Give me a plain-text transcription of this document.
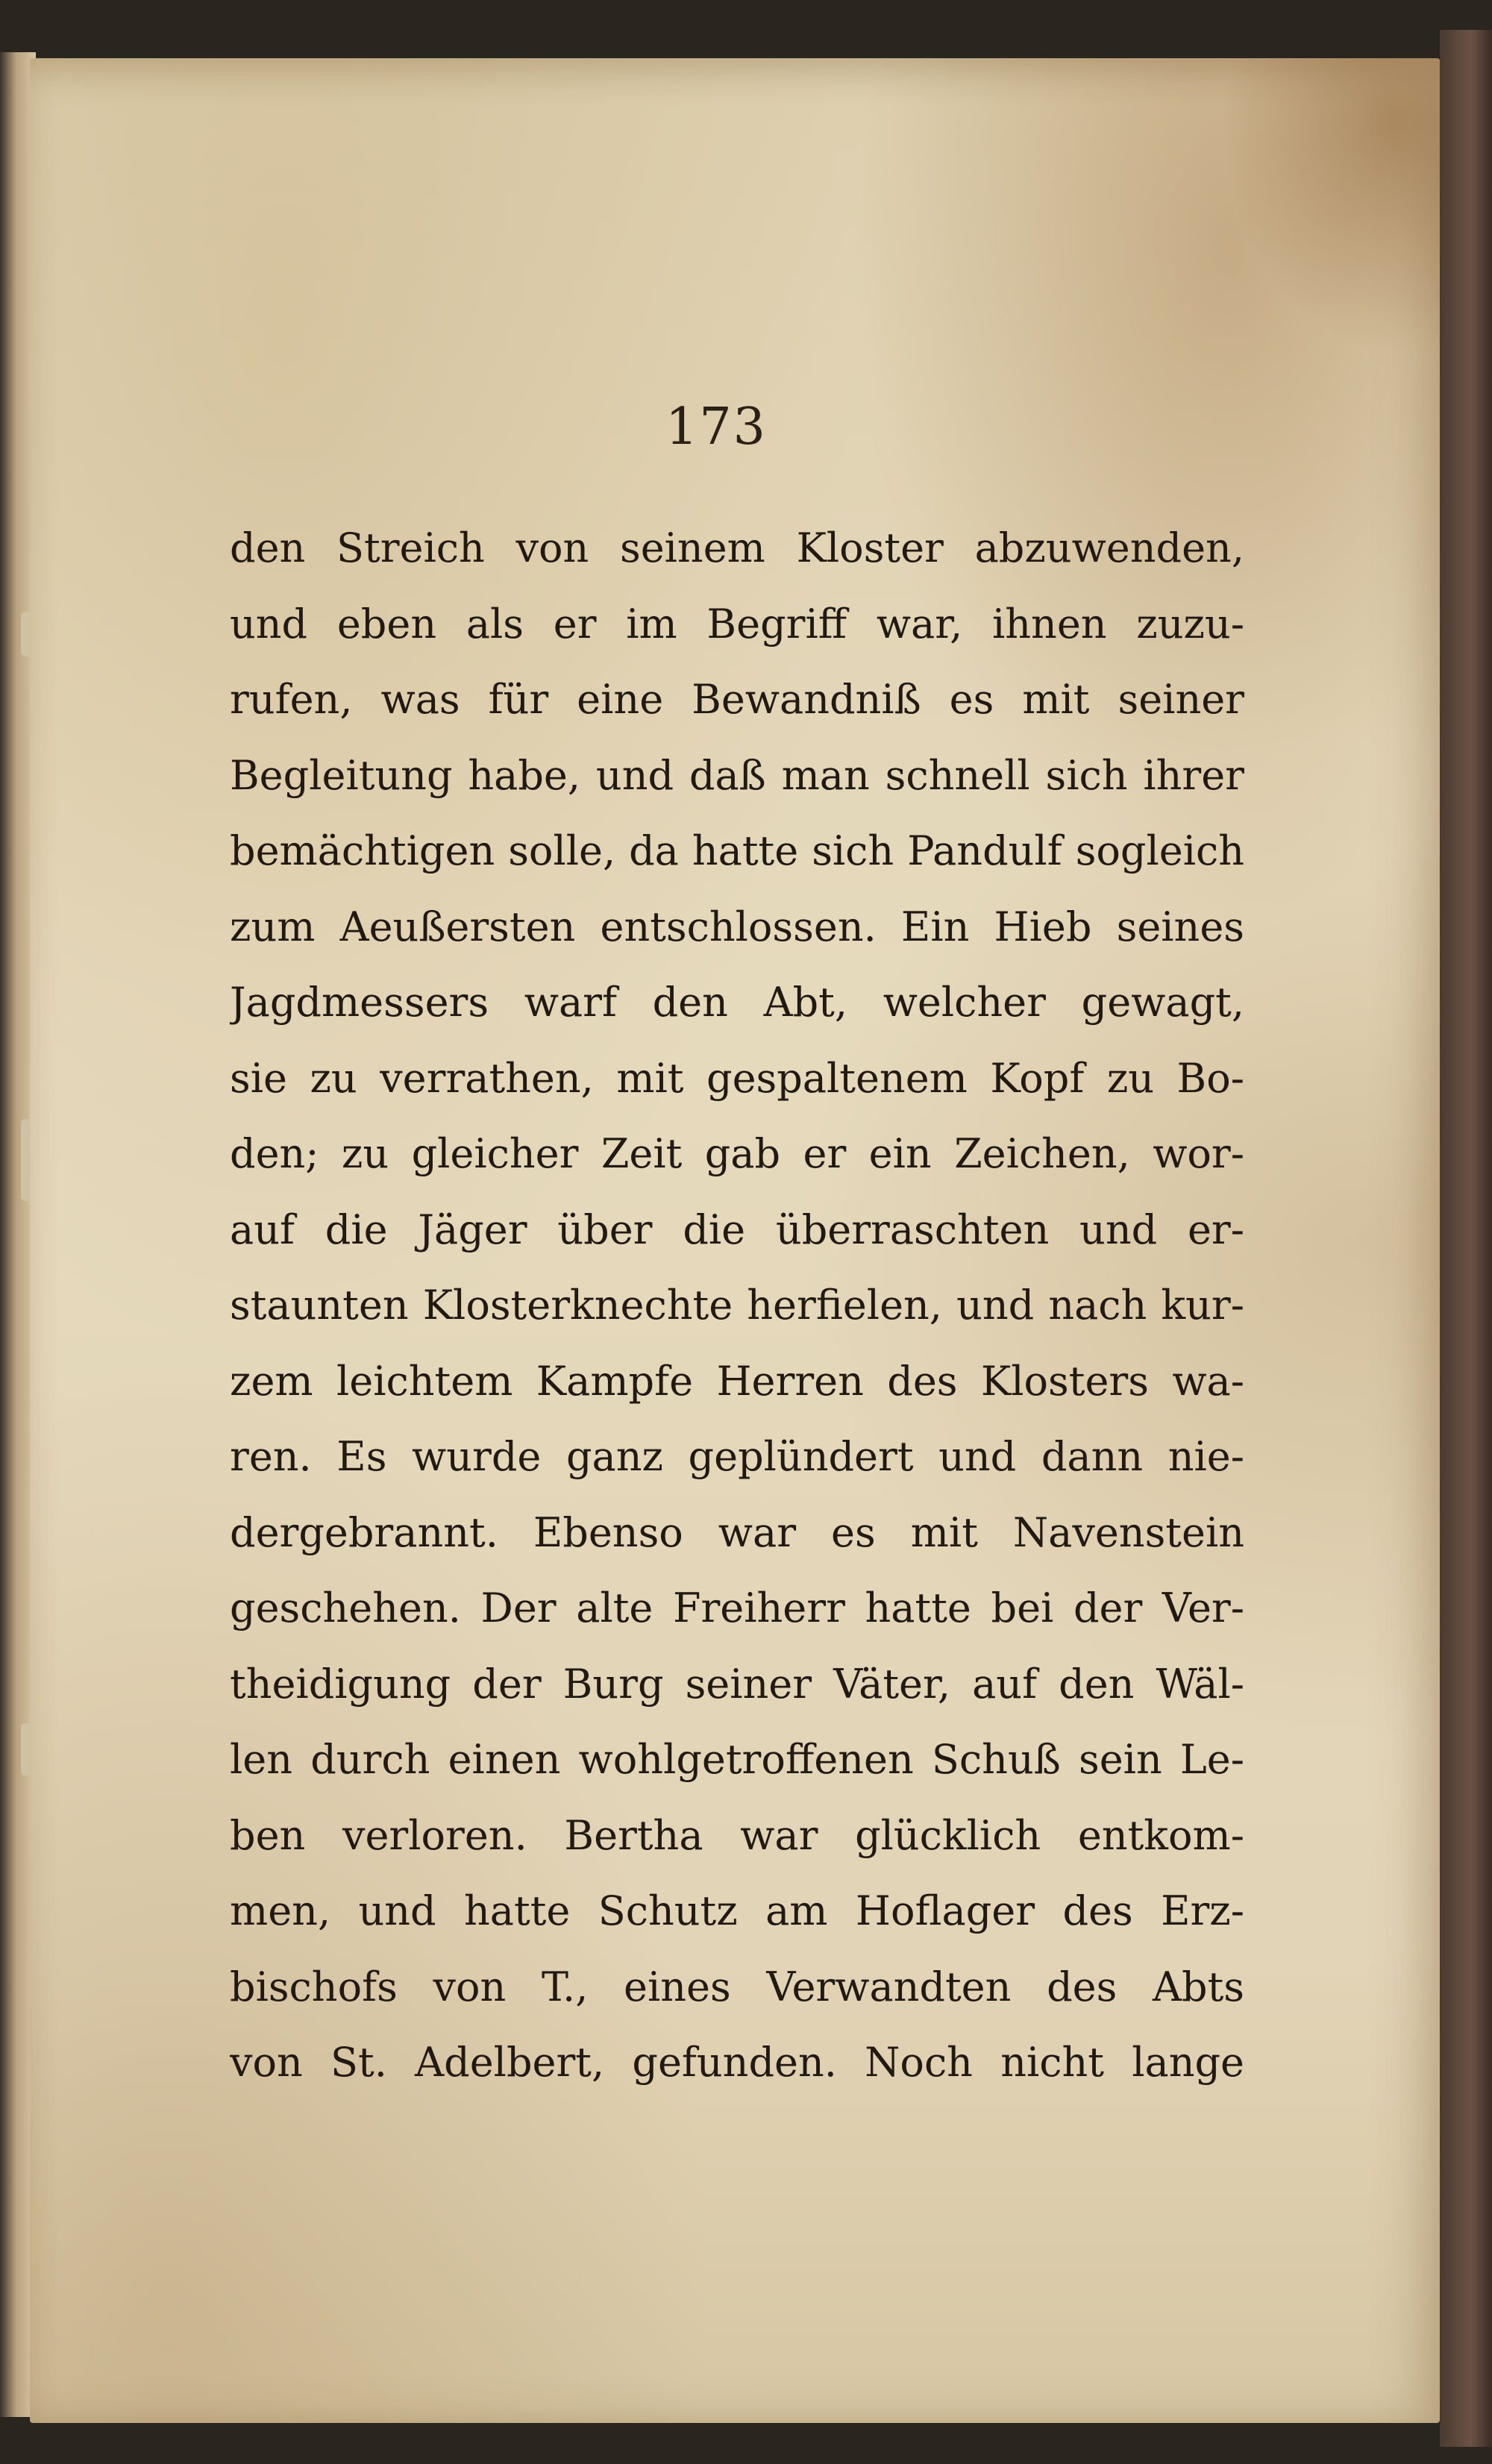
173
den Streich von seinem Kloster abzuwenden,
und eben als er im Begriff war, ihnen zuzu-
rufen, was für eine Bewandniß es mit seiner
Begleitung habe, und daß man schnell sich ihrer
bemächtigen solle, da hatte sich Pandulf sogleich
zum Aeußersten entschlossen. Ein Hieb seines
Jagdmessers warf den Abt, welcher gewagt,
sie zu verrathen, mit gespaltenem Kopf zu Bo-
den; zu gleicher Zeit gab er ein Zeichen, wor-
auf die Jäger über die überraschten und er-
staunten Klosterknechte herfielen, und nach kur-
zem leichtem Kampfe Herren des Klosters wa-
ren. Es wurde ganz geplündert und dann nie-
dergebrannt. Ebenso war es mit Navenstein
geschehen. Der alte Freiherr hatte bei der Ver-
theidigung der Burg seiner Väter, auf den Wäl-
len durch einen wohlgetroffenen Schuß sein Le-
ben verloren. Bertha war glücklich entkom-
men, und hatte Schutz am Hoflager des Erz-
bischofs von T., eines Verwandten des Abts
von St. Adelbert, gefunden. Noch nicht lange
